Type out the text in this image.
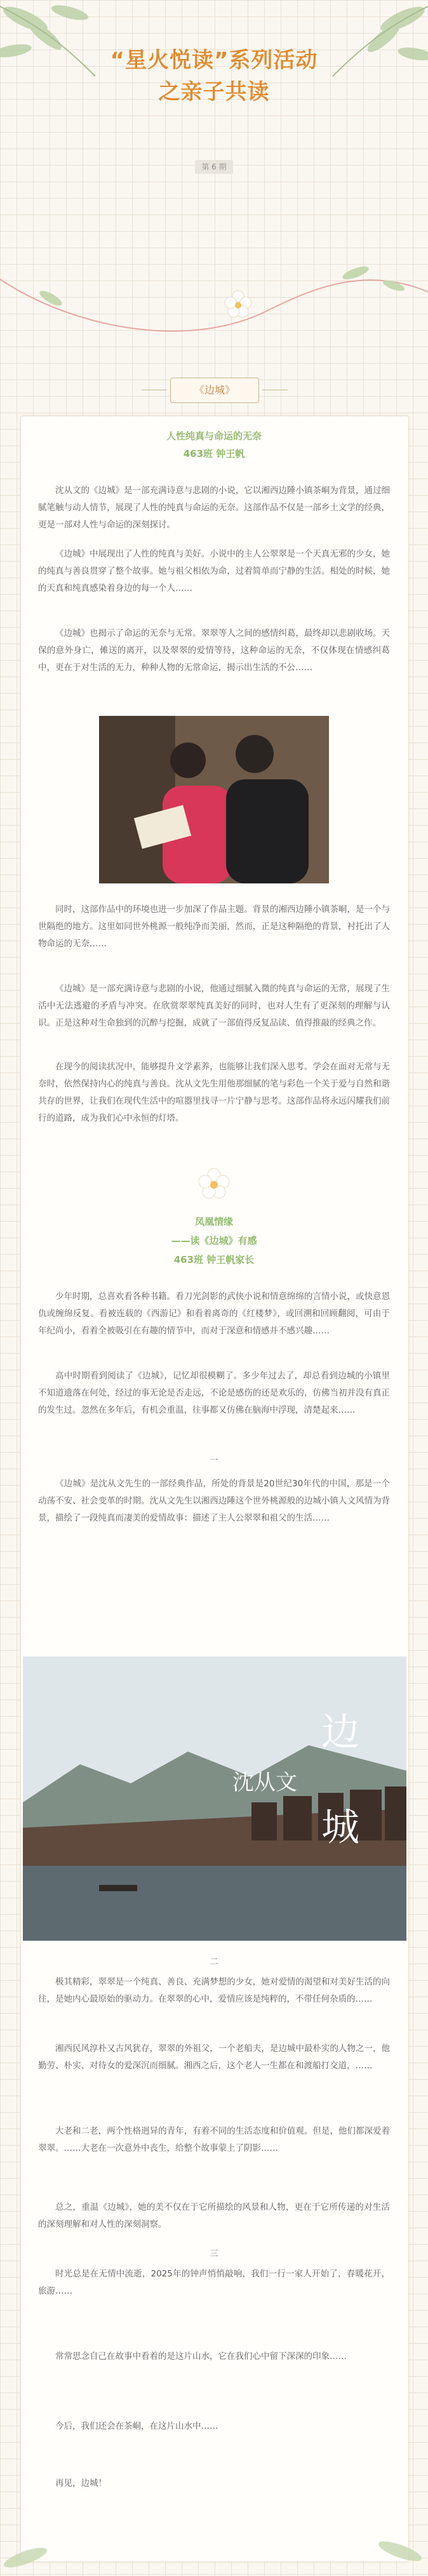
“星火悦读”系列活动
之亲子共读
第 6 期
《边城》
人性纯真与命运的无奈
463班 钟王帆
沈从文的《边城》是一部充满诗意与悲剧的小说，它以湘西边陲小镇茶峒为背景，通过细腻笔触与动人情节，展现了人性的纯真与命运的无奈。这部作品不仅是一部乡土文学的经典，更是一部对人性与命运的深刻探讨。
《边城》中展现出了人性的纯真与美好。小说中的主人公翠翠是一个天真无邪的少女，她的纯真与善良贯穿了整个故事。她与祖父相依为命，过着简单而宁静的生活。相处的时候，她的天真和纯真感染着身边的每一个人……
《边城》也揭示了命运的无奈与无常。翠翠等人之间的感情纠葛，最终却以悲剧收场。天保的意外身亡，傩送的离开，以及翠翠的爱情等待，这种命运的无奈，不仅体现在情感纠葛中，更在于对生活的无力，种种人物的无常命运，揭示出生活的不公……
同时，这部作品中的环境也进一步加深了作品主题。背景的湘西边陲小镇茶峒，是一个与世隔绝的地方。这里如同世外桃源一般纯净而美丽，然而，正是这种隔绝的背景，衬托出了人物命运的无奈……
《边城》是一部充满诗意与悲剧的小说，他通过细腻入微的纯真与命运的无常，展现了生活中无法逃避的矛盾与冲突。在欣赏翠翠纯真美好的同时，也对人生有了更深刻的理解与认识。正是这种对生命独到的沉醉与挖掘，成就了一部值得反复品读、值得推敲的经典之作。
在现今的阅读状况中，能够提升文学素养，也能够让我们深入思考。学会在面对无常与无奈时，依然保持内心的纯真与善良。沈从文先生用他那细腻的笔与彩色一个关于爱与自然和谐共存的世界，让我们在现代生活中的喧嚣里找寻一片宁静与思考。这部作品将永远闪耀我们前行的道路，成为我们心中永恒的灯塔。
凤凰情缘
——读《边城》有感
463班 钟王帆家长
少年时期，总喜欢看各种书籍。看刀光剑影的武侠小说和情意绵绵的言情小说，或快意恩仇或缠绵反复。看被连载的《西游记》和看着离奇的《红楼梦》，或回溯和回顾翻阅，可由于年纪尚小，看着全被吸引在有趣的情节中，而对于深意和情感并不感兴趣……
高中时期看到阅读了《边城》，记忆却很模糊了。多少年过去了，却总看到边城的小镇里不知道遗落在何处，经过的事无论是否走远，不论是感伤的还是欢乐的，仿佛当初并没有真正的发生过。忽然在多年后，有机会重温，往事都又仿佛在脑海中浮现，清楚起来……
一
《边城》是沈从文先生的一部经典作品，所处的背景是20世纪30年代的中国，那是一个动荡不安、社会变革的时期。沈从文先生以湘西边陲这个世外桃源般的边城小镇人文风情为背景，描绘了一段纯真而凄美的爱情故事：描述了主人公翠翠和祖父的生活……
边
城
沈从文
二
极其精彩，翠翠是一个纯真、善良、充满梦想的少女，她对爱情的渴望和对美好生活的向往，是她内心最原始的驱动力。在翠翠的心中，爱情应该是纯粹的，不带任何杂质的……
湘西民风淳朴又古风犹存，翠翠的外祖父，一个老船夫，是边城中最朴实的人物之一，他勤劳、朴实、对待女的爱深沉而细腻。湘西之后，这个老人一生都在和渡船打交道，……
大老和二老，两个性格迥异的青年，有着不同的生活态度和价值观。但是，他们都深爱着翠翠。……大老在一次意外中丧生，给整个故事蒙上了阴影……
总之，重温《边城》，她的美不仅在于它所描绘的风景和人物，更在于它所传递的对生活的深刻理解和对人性的深刻洞察。
三
时光总是在无情中流逝，2025年的钟声悄悄敲响，我们一行一家人开始了，春暖花开，旅游……
常常思念自己在故事中看着的是这片山水，它在我们心中留下深深的印象……
今后，我们还会在茶峒，在这片山水中……
再见，边城！
